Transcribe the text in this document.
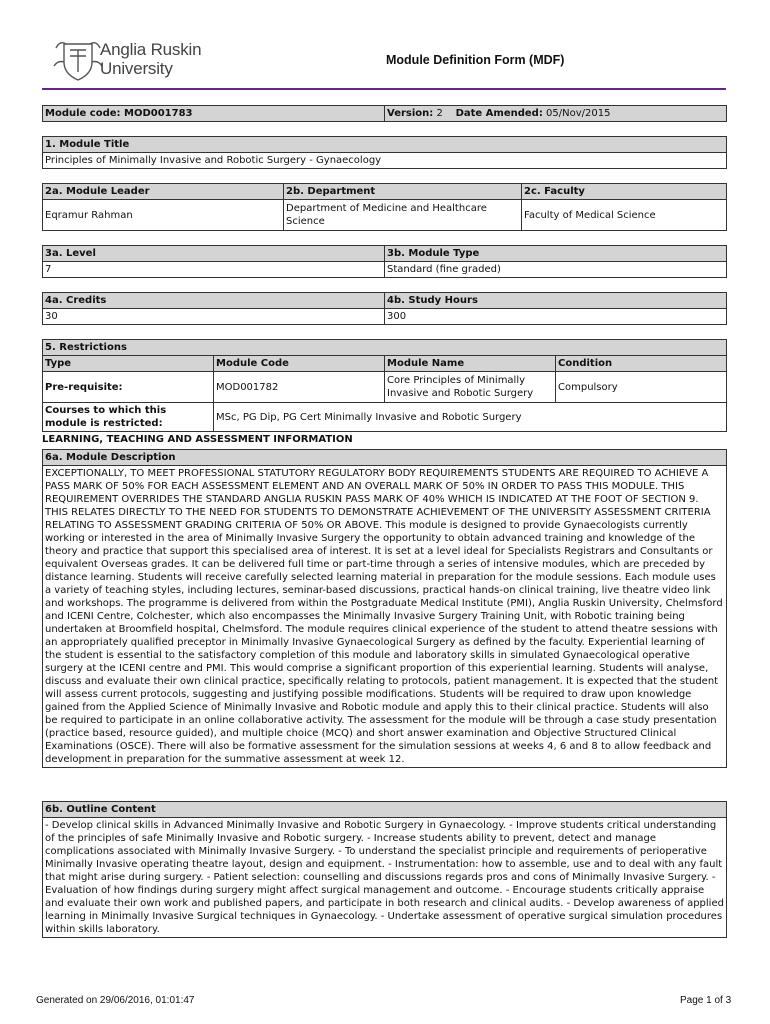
Anglia Ruskin
University	Module Definition Form (MDF)
Module code: MOD001783	Version: 2 Date Amended: 05/Nov/2015
1. Module Title
Principles of Minimally Invasive and Robotic Surgery - Gynaecology
2a. Module Leader	2b. Department	2c. Faculty
Eqramur Rahman	Department of Medicine and Healthcare Science	Faculty of Medical Science
3a. Level	3b. Module Type
7	Standard (fine graded)
4a. Credits	4b. Study Hours
30	300
5. Restrictions			
Type	Module Code	Module Name	Condition
Pre-requisite:	MOD001782	Core Principles of Minimally Invasive and Robotic Surgery	Compulsory
Courses to which this module is restricted:	MSc, PG Dip, PG Cert Minimally Invasive and Robotic Surgery		
LEARNING, TEACHING AND ASSESSMENT INFORMATION
6a. Module Description
EXCEPTIONALLY, TO MEET PROFESSIONAL STATUTORY REGULATORY BODY REQUIREMENTS STUDENTS ARE REQUIRED TO ACHIEVE A PASS MARK OF 50% FOR EACH ASSESSMENT ELEMENT AND AN OVERALL MARK OF 50% IN ORDER TO PASS THIS MODULE. THIS REQUIREMENT OVERRIDES THE STANDARD ANGLIA RUSKIN PASS MARK OF 40% WHICH IS INDICATED AT THE FOOT OF SECTION 9. THIS RELATES DIRECTLY TO THE NEED FOR STUDENTS TO DEMONSTRATE ACHIEVEMENT OF THE UNIVERSITY ASSESSMENT CRITERIA RELATING TO ASSESSMENT GRADING CRITERIA OF 50% OR ABOVE. This module is designed to provide Gynaecologists currently working or interested in the area of Minimally Invasive Surgery the opportunity to obtain advanced training and knowledge of the theory and practice that support this specialised area of interest. It is set at a level ideal for Specialists Registrars and Consultants or equivalent Overseas grades. It can be delivered full time or part-time through a series of intensive modules, which are preceded by distance learning. Students will receive carefully selected learning material in preparation for the module sessions. Each module uses a variety of teaching styles, including lectures, seminar-based discussions, practical hands-on clinical training, live theatre video link and workshops. The programme is delivered from within the Postgraduate Medical Institute (PMI), Anglia Ruskin University, Chelmsford and ICENI Centre, Colchester, which also encompasses the Minimally Invasive Surgery Training Unit, with Robotic training being undertaken at Broomfield hospital, Chelmsford. The module requires clinical experience of the student to attend theatre sessions with an appropriately qualified preceptor in Minimally Invasive Gynaecological Surgery as defined by the faculty. Experiential learning of the student is essential to the satisfactory completion of this module and laboratory skills in simulated Gynaecological operative surgery at the ICENI centre and PMI. This would comprise a significant proportion of this experiential learning. Students will analyse, discuss and evaluate their own clinical practice, specifically relating to protocols, patient management. It is expected that the student will assess current protocols, suggesting and justifying possible modifications. Students will be required to draw upon knowledge gained from the Applied Science of Minimally Invasive and Robotic module and apply this to their clinical practice. Students will also be required to participate in an online collaborative activity. The assessment for the module will be through a case study presentation (practice based, resource guided), and multiple choice (MCQ) and short answer examination and Objective Structured Clinical Examinations (OSCE). There will also be formative assessment for the simulation sessions at weeks 4, 6 and 8 to allow feedback and development in preparation for the summative assessment at week 12.
6b. Outline Content
- Develop clinical skills in Advanced Minimally Invasive and Robotic Surgery in Gynaecology. - Improve students critical understanding of the principles of safe Minimally Invasive and Robotic surgery. - Increase students ability to prevent, detect and manage complications associated with Minimally Invasive Surgery. - To understand the specialist principle and requirements of perioperative Minimally Invasive operating theatre layout, design and equipment. - Instrumentation: how to assemble, use and to deal with any fault that might arise during surgery. - Patient selection: counselling and discussions regards pros and cons of Minimally Invasive Surgery. - Evaluation of how findings during surgery might affect surgical management and outcome. - Encourage students critically appraise and evaluate their own work and published papers, and participate in both research and clinical audits. - Develop awareness of applied learning in Minimally Invasive Surgical techniques in Gynaecology. - Undertake assessment of operative surgical simulation procedures within skills laboratory.
Generated on 29/06/2016, 01:01:47	Page 1 of 3
